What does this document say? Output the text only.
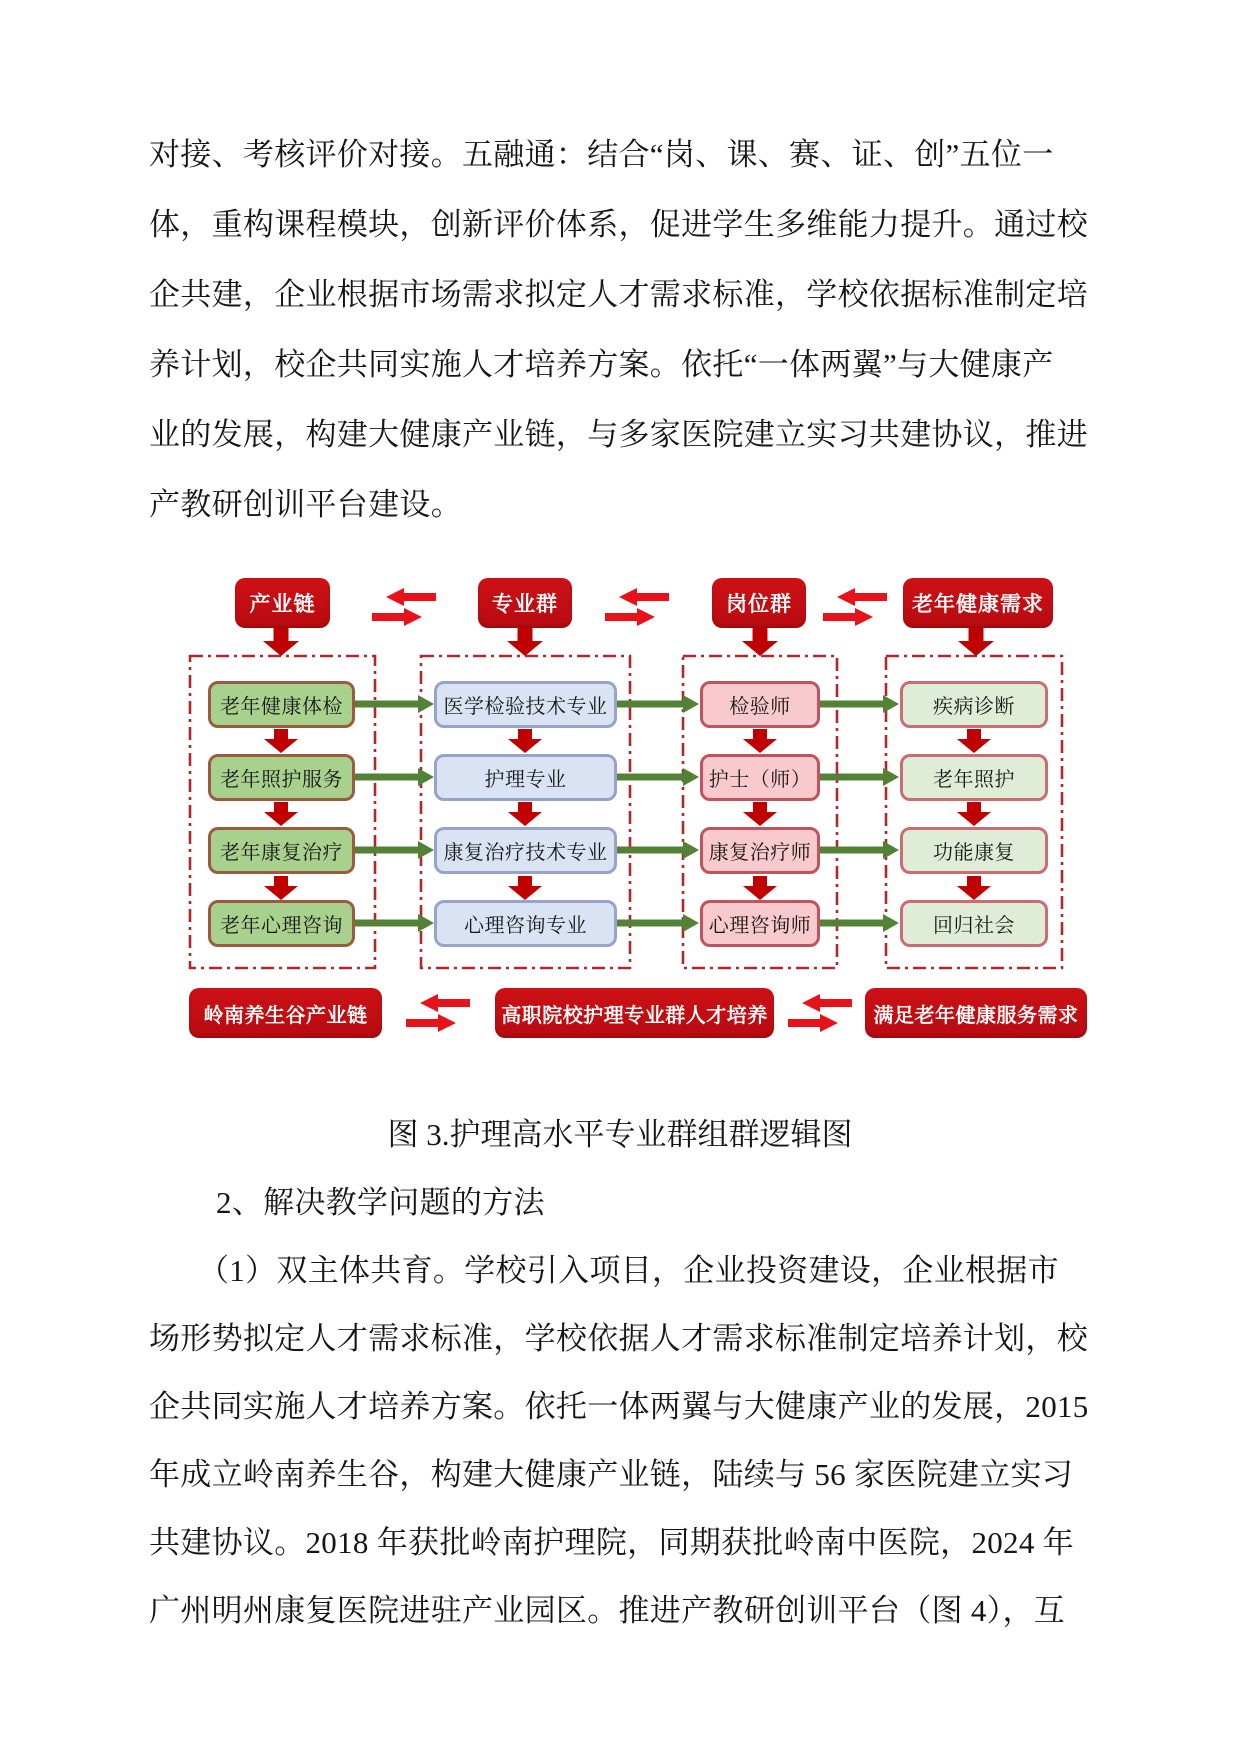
对接、考核评价对接。五融通：结合“岗、课、赛、证、创”五位一
体，重构课程模块，创新评价体系，促进学生多维能力提升。通过校
企共建，企业根据市场需求拟定人才需求标准，学校依据标准制定培
养计划，校企共同实施人才培养方案。依托“一体两翼”与大健康产
业的发展，构建大健康产业链，与多家医院建立实习共建协议，推进
产教研创训平台建设。
产业链	专业群	岗位群	老年健康需求
老年健康体检
老年照护服务
老年康复治疗
老年心理咨询
医学检验技术专业
护理专业
康复治疗技术专业
心理咨询专业
检验师
护士（师）
康复治疗师
心理咨询师
疾病诊断
老年照护
功能康复
回归社会
岭南养生谷产业链	高职院校护理专业群人才培养	满足老年健康服务需求
图 3.护理高水平专业群组群逻辑图
2、解决教学问题的方法
（1）双主体共育。学校引入项目，企业投资建设，企业根据市
场形势拟定人才需求标准，学校依据人才需求标准制定培养计划，校
企共同实施人才培养方案。依托一体两翼与大健康产业的发展，2015
年成立岭南养生谷，构建大健康产业链，陆续与 56 家医院建立实习
共建协议。2018 年获批岭南护理院，同期获批岭南中医院，2024 年
广州明州康复医院进驻产业园区。推进产教研创训平台（图 4），互
